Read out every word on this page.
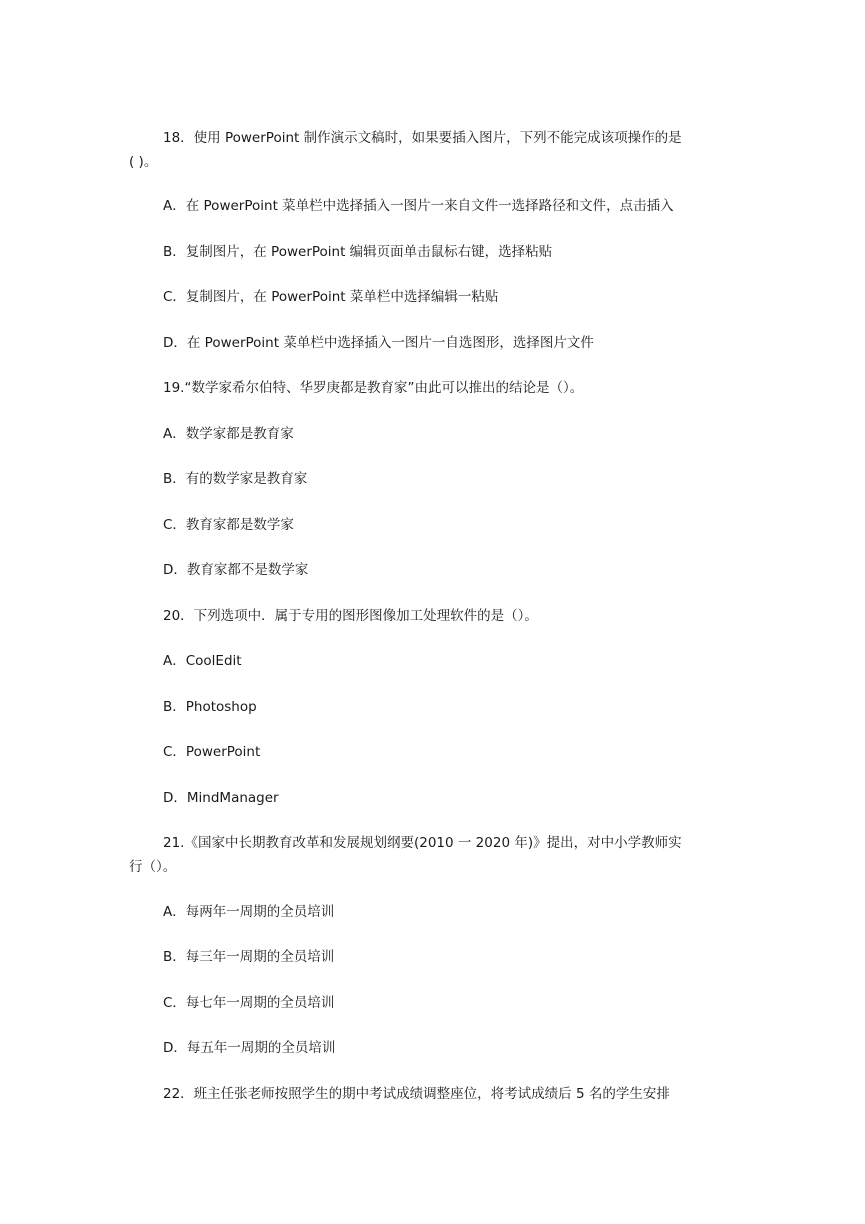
18．使用 PowerPoint 制作演示文稿时，如果要插入图片，下列不能完成该项操作的是
( )。
A．在 PowerPoint 菜单栏中选择插入一图片一来自文件一选择路径和文件，点击插入
B．复制图片，在 PowerPoint 编辑页面单击鼠标右键，选择粘贴
C．复制图片，在 PowerPoint 菜单栏中选择编辑一粘贴
D．在 PowerPoint 菜单栏中选择插入一图片一自选图形，选择图片文件
19.“数学家希尔伯特、华罗庚都是教育家”由此可以推出的结论是（）。
A．数学家都是教育家
B．有的数学家是教育家
C．教育家都是数学家
D．教育家都不是数学家
20．下列选项中．属于专用的图形图像加工处理软件的是（）。
A．CoolEdit
B．Photoshop
C．PowerPoint
D．MindManager
21.《国家中长期教育改革和发展规划纲要(2010 一 2020 年)》提出，对中小学教师实
行（）。
A．每两年一周期的全员培训
B．每三年一周期的全员培训
C．每七年一周期的全员培训
D．每五年一周期的全员培训
22．班主任张老师按照学生的期中考试成绩调整座位，将考试成绩后 5 名的学生安排
